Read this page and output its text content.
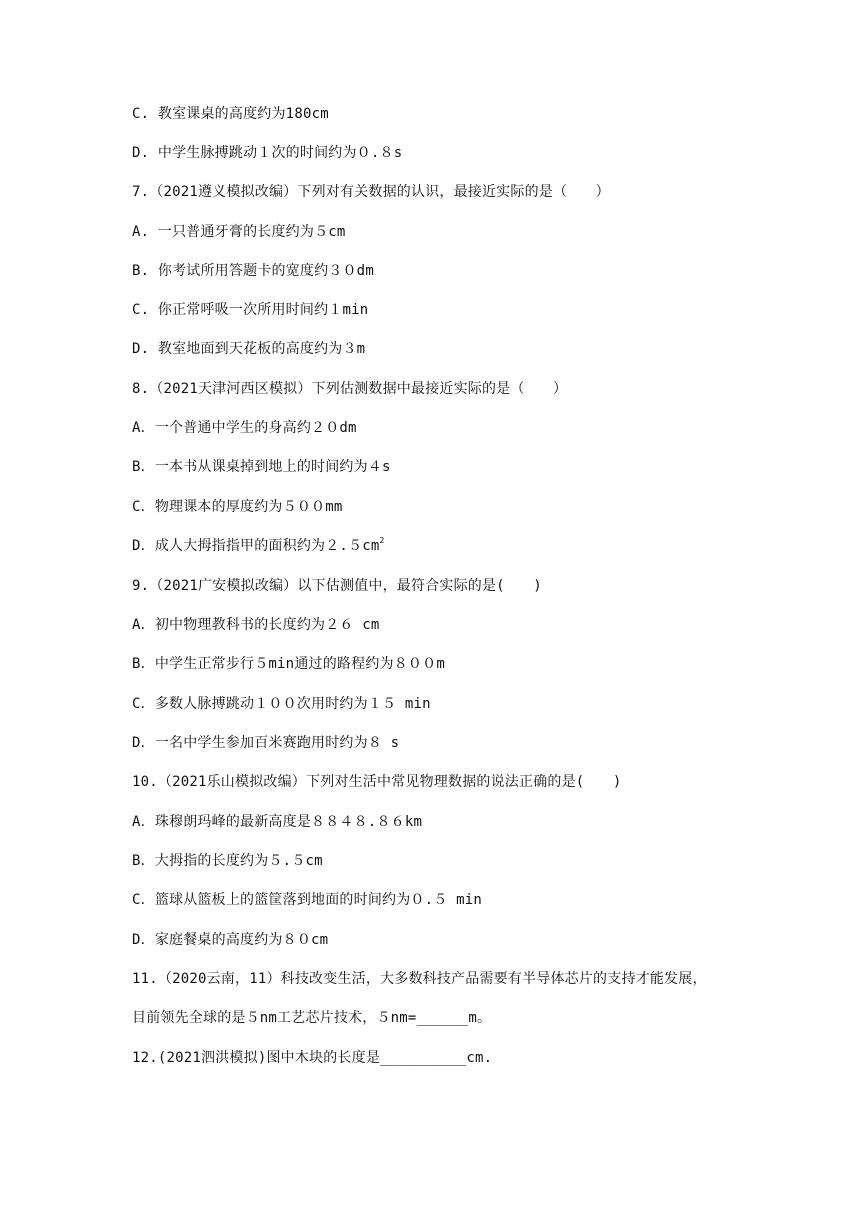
C. 教室课桌的高度约为180cm
D. 中学生脉搏跳动１次的时间约为０.８s
7.（2021遵义模拟改编）下列对有关数据的认识，最接近实际的是（　　）
A. 一只普通牙膏的长度约为５cm
B. 你考试所用答题卡的宽度约３０dm
C. 你正常呼吸一次所用时间约１min
D. 教室地面到天花板的高度约为３m
8.（2021天津河西区模拟）下列估测数据中最接近实际的是（　　）
A．一个普通中学生的身高约２０dm
B．一本书从课桌掉到地上的时间约为４s
C．物理课本的厚度约为５００mm
D．成人大拇指指甲的面积约为$2.5cm^2$
9.（2021广安模拟改编）以下估测值中，最符合实际的是(　　)
A．初中物理教科书的长度约为２６ cm
B．中学生正常步行５min通过的路程约为８００m
C．多数人脉搏跳动１００次用时约为１５ min
D．一名中学生参加百米赛跑用时约为８ s
10.（2021乐山模拟改编）下列对生活中常见物理数据的说法正确的是(　　)
A．珠穆朗玛峰的最新高度是８８４８.８６km
B．大拇指的长度约为５.５cm
C．篮球从篮板上的篮筐落到地面的时间约为０.５ min
D．家庭餐桌的高度约为８０cm
11.（2020云南，11）科技改变生活，大多数科技产品需要有半导体芯片的支持才能发展，
目前领先全球的是５nm工艺芯片技术，５nm=______m。
12.(2021泗洪模拟)图中木块的长度是__________cm.
